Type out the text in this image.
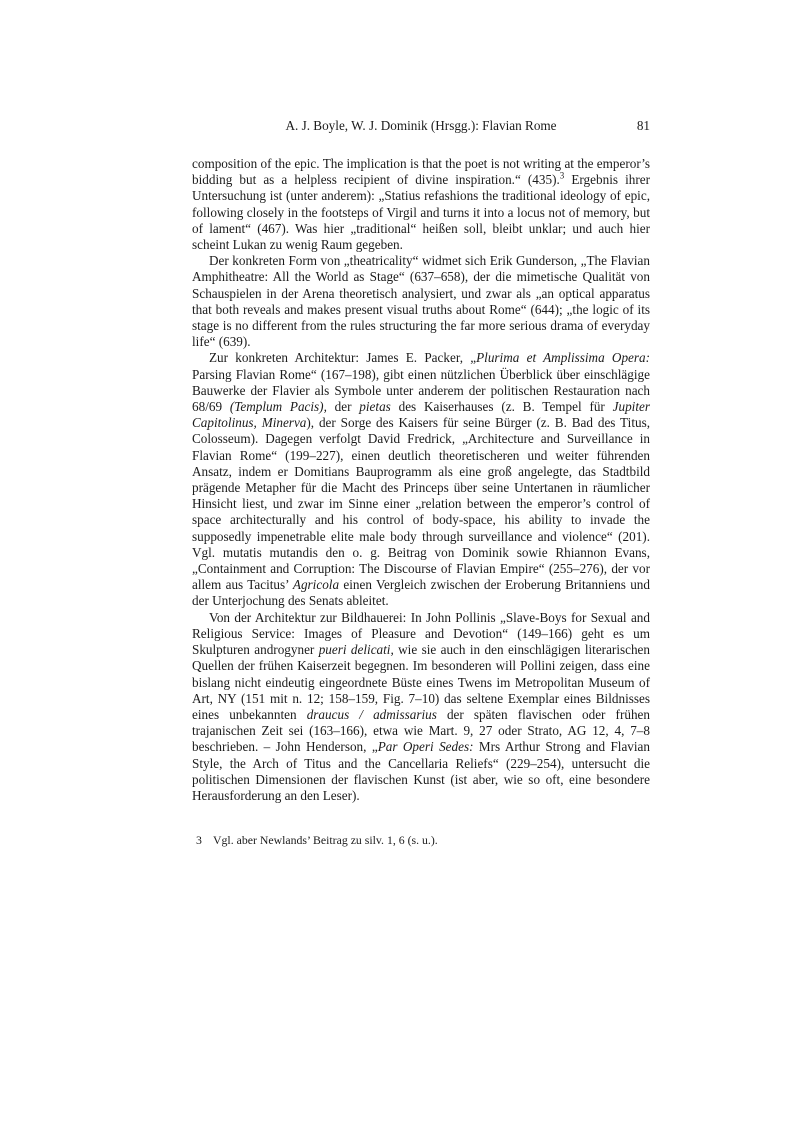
A. J. Boyle, W. J. Dominik (Hrsgg.): Flavian Rome	81

composition of the epic. The implication is that the poet is not writing at the emperor’s bidding but as a helpless recipient of divine inspiration.“ (435).$^3$ Ergebnis ihrer Untersuchung ist (unter anderem): „Statius refashions the traditional ideology of epic, following closely in the footsteps of Virgil and turns it into a locus not of memory, but of lament“ (467). Was hier „traditional“ heißen soll, bleibt unklar; und auch hier scheint Lukan zu wenig Raum gegeben.

Der konkreten Form von „theatricality“ widmet sich Erik Gunderson, „The Flavian Amphitheatre: All the World as Stage“ (637–658), der die mimetische Qualität von Schauspielen in der Arena theoretisch analysiert, und zwar als „an optical apparatus that both reveals and makes present visual truths about Rome“ (644); „the logic of its stage is no different from the rules structuring the far more serious drama of everyday life“ (639).

Zur konkreten Architektur: James E. Packer, „Plurima et Amplissima Opera: Parsing Flavian Rome“ (167–198), gibt einen nützlichen Überblick über einschlägige Bauwerke der Flavier als Symbole unter anderem der politischen Restauration nach 68/69 (Templum Pacis), der pietas des Kaiserhauses (z. B. Tempel für Jupiter Capitolinus, Minerva), der Sorge des Kaisers für seine Bürger (z. B. Bad des Titus, Colosseum). Dagegen verfolgt David Fredrick, „Architecture and Surveillance in Flavian Rome“ (199–227), einen deutlich theoretischeren und weiter führenden Ansatz, indem er Domitians Bauprogramm als eine groß angelegte, das Stadtbild prägende Metapher für die Macht des Princeps über seine Untertanen in räumlicher Hinsicht liest, und zwar im Sinne einer „relation between the emperor’s control of space architecturally and his control of body-space, his ability to invade the supposedly impenetrable elite male body through surveillance and violence“ (201). Vgl. mutatis mutandis den o. g. Beitrag von Dominik sowie Rhiannon Evans, „Containment and Corruption: The Discourse of Flavian Empire“ (255–276), der vor allem aus Tacitus’ Agricola einen Vergleich zwischen der Eroberung Britanniens und der Unterjochung des Senats ableitet.

Von der Architektur zur Bildhauerei: In John Pollinis „Slave-Boys for Sexual and Religious Service: Images of Pleasure and Devotion“ (149–166) geht es um Skulpturen androgyner pueri delicati, wie sie auch in den einschlägigen literarischen Quellen der frühen Kaiserzeit begegnen. Im besonderen will Pollini zeigen, dass eine bislang nicht eindeutig eingeordnete Büste eines Twens im Metropolitan Museum of Art, NY (151 mit n. 12; 158–159, Fig. 7–10) das seltene Exemplar eines Bildnisses eines unbekannten draucus / admissarius der späten flavischen oder frühen trajanischen Zeit sei (163–166), etwa wie Mart. 9, 27 oder Strato, AG 12, 4, 7–8 beschrieben. – John Henderson, „Par Operi Sedes: Mrs Arthur Strong and Flavian Style, the Arch of Titus and the Cancellaria Reliefs“ (229–254), untersucht die politischen Dimensionen der flavischen Kunst (ist aber, wie so oft, eine besondere Herausforderung an den Leser).

3 Vgl. aber Newlands’ Beitrag zu silv. 1, 6 (s. u.).
